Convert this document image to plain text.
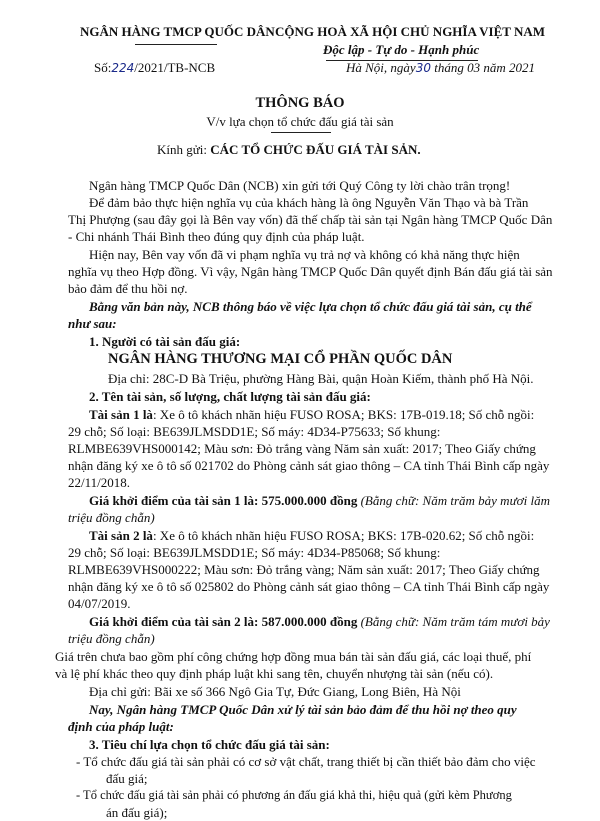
NGÂN HÀNG TMCP QUỐC DÂN
Số:224/2021/TB-NCB
CỘNG HOÀ XÃ HỘI CHỦ NGHĨA VIỆT NAM
Độc lập - Tự do - Hạnh phúc
Hà Nội, ngày30 tháng 03 năm 2021
THÔNG BÁO
V/v lựa chọn tổ chức đấu giá tài sản
Kính gửi: CÁC TỔ CHỨC ĐẤU GIÁ TÀI SẢN.
Ngân hàng TMCP Quốc Dân (NCB) xin gửi tới Quý Công ty lời chào trân trọng!
Để đảm bảo thực hiện nghĩa vụ của khách hàng là ông Nguyễn Văn Thạo và bà Trần
Thị Phượng (sau đây gọi là Bên vay vốn) đã thế chấp tài sản tại Ngân hàng TMCP Quốc Dân
- Chi nhánh Thái Bình theo đúng quy định của pháp luật.
Hiện nay, Bên vay vốn đã vi phạm nghĩa vụ trả nợ và không có khả năng thực hiện
nghĩa vụ theo Hợp đồng. Vì vậy, Ngân hàng TMCP Quốc Dân quyết định Bán đấu giá tài sản
bảo đảm để thu hồi nợ.
Bằng văn bản này, NCB thông báo về việc lựa chọn tổ chức đấu giá tài sản, cụ thể
như sau:
1. Người có tài sản đấu giá:
NGÂN HÀNG THƯƠNG MẠI CỔ PHẦN QUỐC DÂN
Địa chỉ: 28C-D Bà Triệu, phường Hàng Bài, quận Hoàn Kiếm, thành phố Hà Nội.
2. Tên tài sản, số lượng, chất lượng tài sản đấu giá:
Tài sản 1 là: Xe ô tô khách nhãn hiệu FUSO ROSA; BKS: 17B-019.18; Số chỗ ngồi:
29 chỗ; Số loại: BE639JLMSDD1E; Số máy: 4D34-P75633; Số khung:
RLMBE639VHS000142; Màu sơn: Đỏ trắng vàng Năm sản xuất: 2017; Theo Giấy chứng
nhận đăng ký xe ô tô số 021702 do Phòng cảnh sát giao thông – CA tỉnh Thái Bình cấp ngày
22/11/2018.
Giá khởi điểm của tài sản 1 là: 575.000.000 đồng (Bằng chữ: Năm trăm bảy mươi lăm
triệu đồng chẵn)
Tài sản 2 là: Xe ô tô khách nhãn hiệu FUSO ROSA; BKS: 17B-020.62; Số chỗ ngồi:
29 chỗ; Số loại: BE639JLMSDD1E; Số máy: 4D34-P85068; Số khung:
RLMBE639VHS000222; Màu sơn: Đỏ trắng vàng; Năm sản xuất: 2017; Theo Giấy chứng
nhận đăng ký xe ô tô số 025802 do Phòng cảnh sát giao thông – CA tỉnh Thái Bình cấp ngày
04/07/2019.
Giá khởi điểm của tài sản 2 là: 587.000.000 đồng (Bằng chữ: Năm trăm tám mươi bảy
triệu đồng chẵn)
Giá trên chưa bao gồm phí công chứng hợp đồng mua bán tài sản đấu giá, các loại thuế, phí
và lệ phí khác theo quy định pháp luật khi sang tên, chuyển nhượng tài sản (nếu có).
Địa chỉ gửi: Bãi xe số 366 Ngô Gia Tự, Đức Giang, Long Biên, Hà Nội
Nay, Ngân hàng TMCP Quốc Dân xử lý tài sản bảo đảm để thu hồi nợ theo quy
định của pháp luật:
3. Tiêu chí lựa chọn tổ chức đấu giá tài sản:
- Tổ chức đấu giá tài sản phải có cơ sở vật chất, trang thiết bị cần thiết bảo đảm cho việc
đấu giá;
- Tổ chức đấu giá tài sản phải có phương án đấu giá khả thi, hiệu quả (gửi kèm Phương
án đấu giá);
